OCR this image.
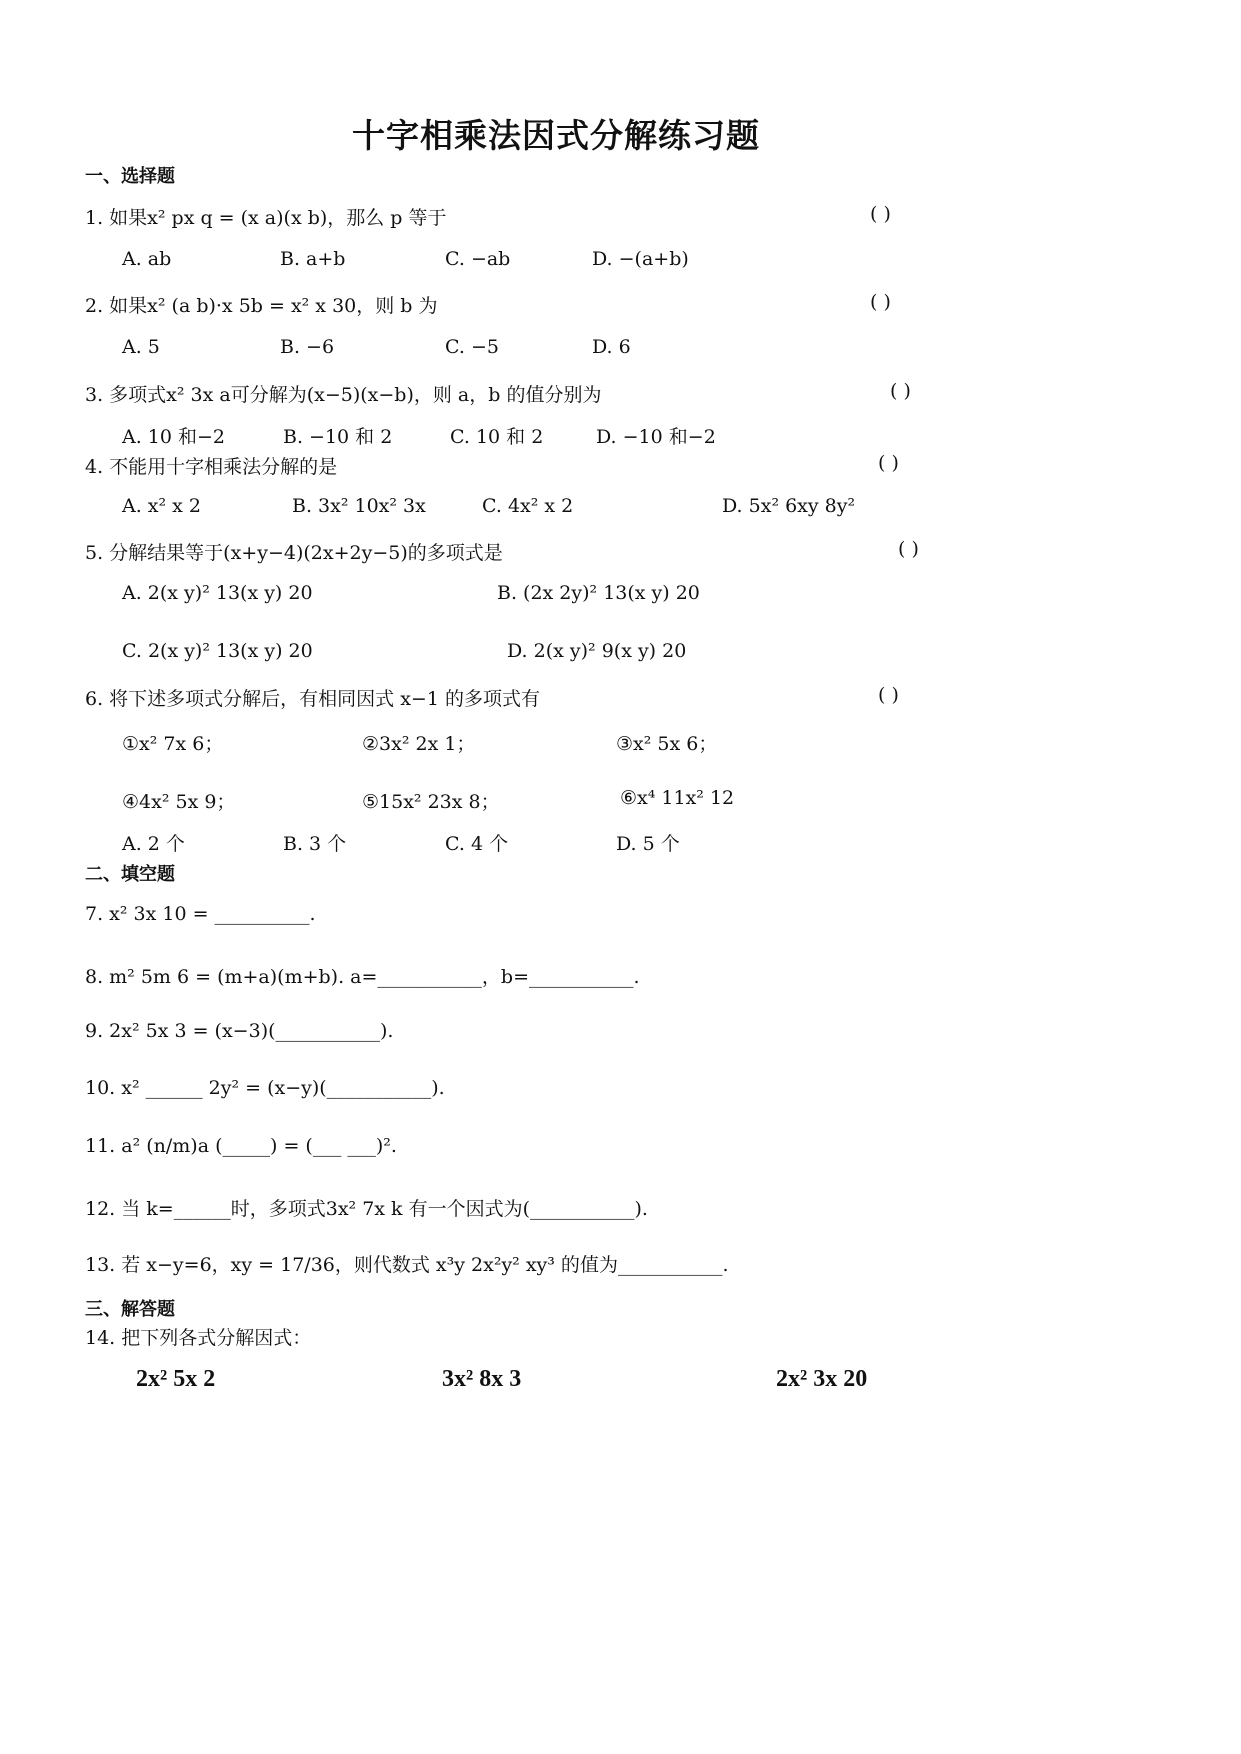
十字相乘法因式分解练习题
一、选择题
1. 如果x² px q = (x a)(x b)，那么 p 等于	( )
A. ab	B. a+b	C. −ab	D. −(a+b)
2. 如果x² (a b)·x 5b = x² x 30，则 b 为	( )
A. 5	B. −6	C. −5	D. 6
3. 多项式x² 3x a可分解为(x−5)(x−b)，则 a，b 的值分别为	( )
A. 10 和−2	B. −10 和 2	C. 10 和 2	D. −10 和−2
4. 不能用十字相乘法分解的是	( )
A. x² x 2	B. 3x² 10x² 3x	C. 4x² x 2	D. 5x² 6xy 8y²
5. 分解结果等于(x+y−4)(2x+2y−5)的多项式是	( )
A. 2(x y)² 13(x y) 20	B. (2x 2y)² 13(x y) 20
C. 2(x y)² 13(x y) 20	D. 2(x y)² 9(x y) 20
6. 将下述多项式分解后，有相同因式 x−1 的多项式有	( )
①x² 7x 6；	②3x² 2x 1；	③x² 5x 6；
④4x² 5x 9；	⑤15x² 23x 8；	⑥x⁴ 11x² 12
A. 2 个	B. 3 个	C. 4 个	D. 5 个
二、填空题
7. x² 3x 10 = __________.
8. m² 5m 6 = (m+a)(m+b). a=___________，b=___________.
9. 2x² 5x 3 = (x−3)(___________).
10. x² ______ 2y² = (x−y)(___________).
11. a² (n/m)a (_____) = (___ ___)².
12. 当 k=______时，多项式3x² 7x k 有一个因式为(___________).
13. 若 x−y=6，xy = 17/36，则代数式 x³y 2x²y² xy³ 的值为___________.
三、解答题
14. 把下列各式分解因式：
2x² 5x 2	3x² 8x 3	2x² 3x 20
